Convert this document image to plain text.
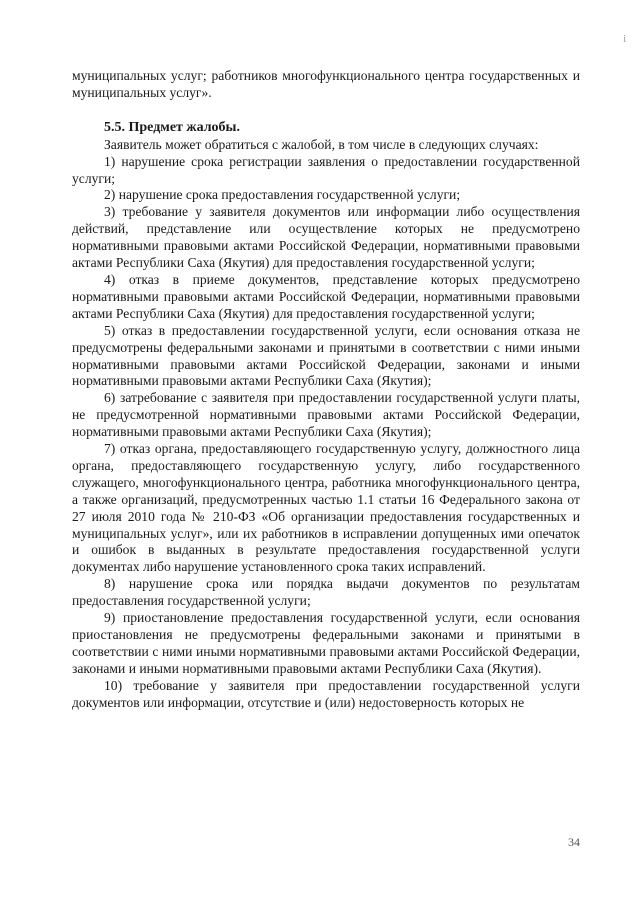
i

муниципальных услуг; работников многофункционального центра государственных и муниципальных услуг».

5.5. Предмет жалобы.

Заявитель может обратиться с жалобой, в том числе в следующих случаях:

1) нарушение срока регистрации заявления о предоставлении государственной услуги;

2) нарушение срока предоставления государственной услуги;

3) требование у заявителя документов или информации либо осуществления действий, представление или осуществление которых не предусмотрено нормативными правовыми актами Российской Федерации, нормативными правовыми актами Республики Саха (Якутия) для предоставления государственной услуги;

4) отказ в приеме документов, представление которых предусмотрено нормативными правовыми актами Российской Федерации, нормативными правовыми актами Республики Саха (Якутия) для предоставления государственной услуги;

5) отказ в предоставлении государственной услуги, если основания отказа не предусмотрены федеральными законами и принятыми в соответствии с ними иными нормативными правовыми актами Российской Федерации, законами и иными нормативными правовыми актами Республики Саха (Якутия);

6) затребование с заявителя при предоставлении государственной услуги платы, не предусмотренной нормативными правовыми актами Российской Федерации, нормативными правовыми актами Республики Саха (Якутия);

7) отказ органа, предоставляющего государственную услугу, должностного лица органа, предоставляющего государственную услугу, либо государственного служащего, многофункционального центра, работника многофункционального центра, а также организаций, предусмотренных частью 1.1 статьи 16 Федерального закона от 27 июля 2010 года № 210-ФЗ «Об организации предоставления государственных и муниципальных услуг», или их работников в исправлении допущенных ими опечаток и ошибок в выданных в результате предоставления государственной услуги документах либо нарушение установленного срока таких исправлений.

8) нарушение срока или порядка выдачи документов по результатам предоставления государственной услуги;

9) приостановление предоставления государственной услуги, если основания приостановления не предусмотрены федеральными законами и принятыми в соответствии с ними иными нормативными правовыми актами Российской Федерации, законами и иными нормативными правовыми актами Республики Саха (Якутия).

10) требование у заявителя при предоставлении государственной услуги документов или информации, отсутствие и (или) недостоверность которых не

34
